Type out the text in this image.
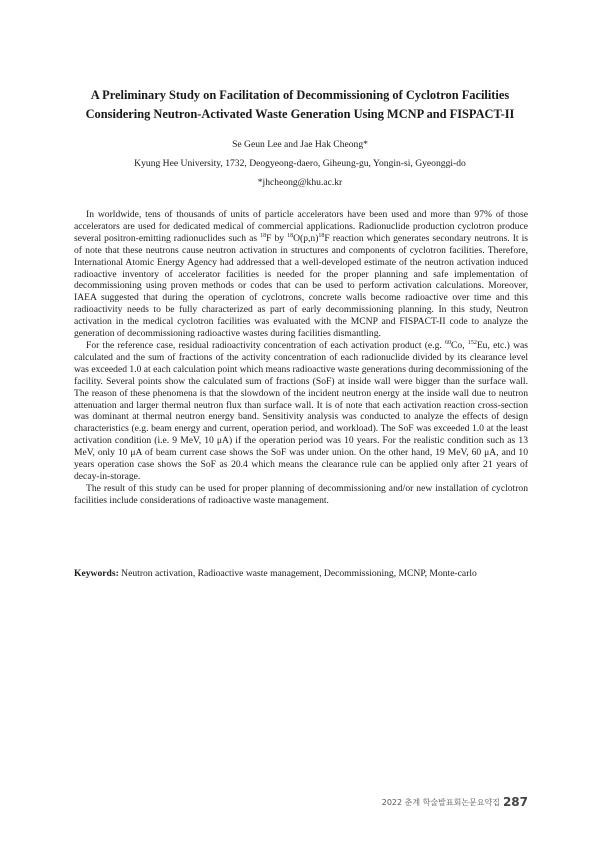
A Preliminary Study on Facilitation of Decommissioning of Cyclotron Facilities
Considering Neutron-Activated Waste Generation Using MCNP and FISPACT-II
Se Geun Lee and Jae Hak Cheong*
Kyung Hee University, 1732, Deogyeong-daero, Giheung-gu, Yongin-si, Gyeonggi-do
*jhcheong@khu.ac.kr

In worldwide, tens of thousands of units of particle accelerators have been used and more than 97% of those accelerators are used for dedicated medical of commercial applications. Radionuclide production cyclotron produce several positron-emitting radionuclides such as $^{18}$F by $^{18}O(p,n)^{18}F$ reaction which generates secondary neutrons. It is of note that these neutrons cause neutron activation in structures and components of cyclotron facilities. Therefore, International Atomic Energy Agency had addressed that a well-developed estimate of the neutron activation induced radioactive inventory of accelerator facilities is needed for the proper planning and safe implementation of decommissioning using proven methods or codes that can be used to perform activation calculations. Moreover, IAEA suggested that during the operation of cyclotrons, concrete walls become radioactive over time and this radioactivity needs to be fully characterized as part of early decommissioning planning. In this study, Neutron activation in the medical cyclotron facilities was evaluated with the MCNP and FISPACT-II code to analyze the generation of decommissioning radioactive wastes during facilities dismantling.

For the reference case, residual radioactivity concentration of each activation product (e.g. $^{60}$Co, $^{152}$Eu, etc.) was calculated and the sum of fractions of the activity concentration of each radionuclide divided by its clearance level was exceeded 1.0 at each calculation point which means radioactive waste generations during decommissioning of the facility. Several points show the calculated sum of fractions (SoF) at inside wall were bigger than the surface wall. The reason of these phenomena is that the slowdown of the incident neutron energy at the inside wall due to neutron attenuation and larger thermal neutron flux than surface wall. It is of note that each activation reaction cross-section was dominant at thermal neutron energy band. Sensitivity analysis was conducted to analyze the effects of design characteristics (e.g. beam energy and current, operation period, and workload). The SoF was exceeded 1.0 at the least activation condition (i.e. 9 MeV, 10 μA) if the operation period was 10 years. For the realistic condition such as 13 MeV, only 10 μA of beam current case shows the SoF was under union. On the other hand, 19 MeV, 60 μA, and 10 years operation case shows the SoF as 20.4 which means the clearance rule can be applied only after 21 years of decay-in-storage.

The result of this study can be used for proper planning of decommissioning and/or new installation of cyclotron facilities include considerations of radioactive waste management.

Keywords: Neutron activation, Radioactive waste management, Decommissioning, MCNP, Monte-carlo
2022 춘계 학술발표회논문요약집 287
